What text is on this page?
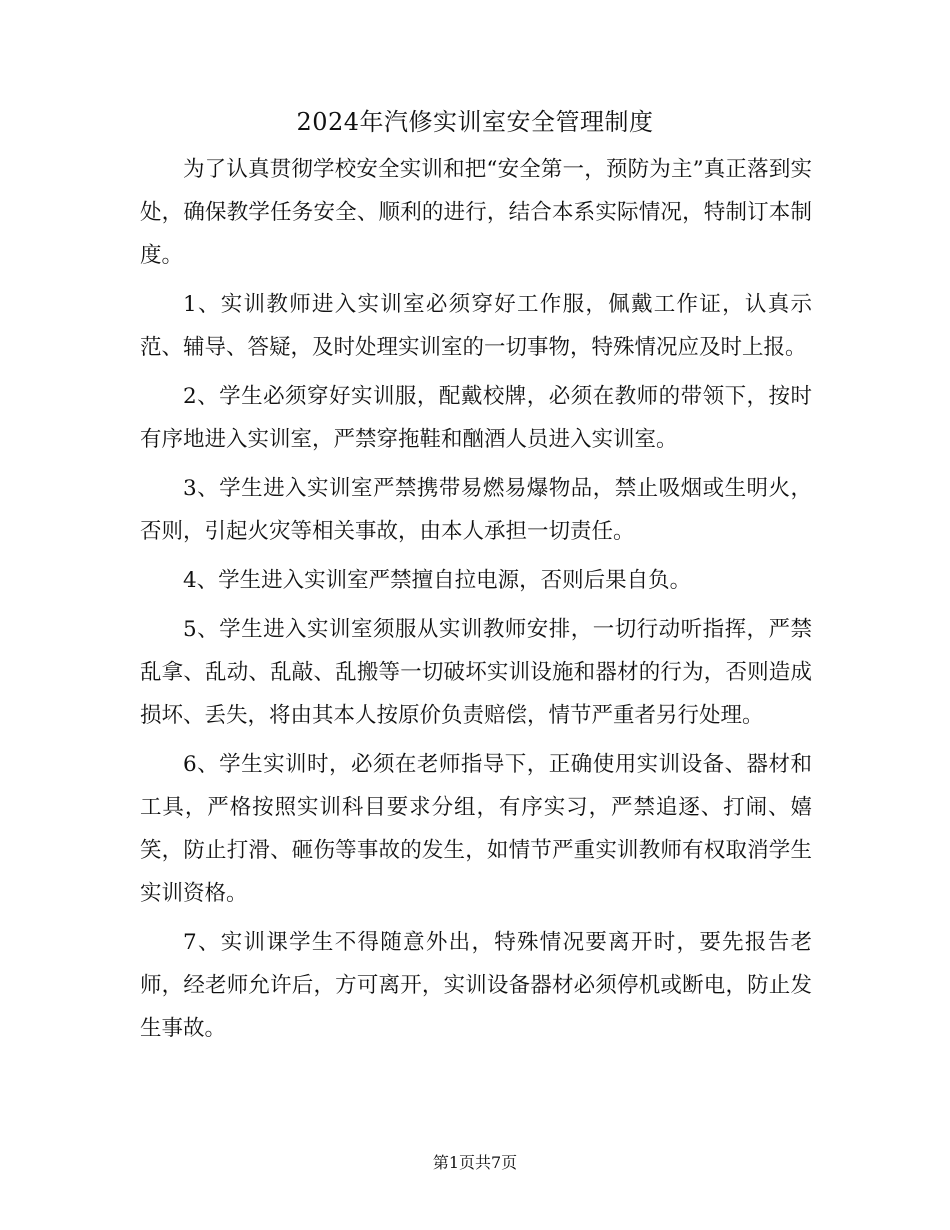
2024年汽修实训室安全管理制度

为了认真贯彻学校安全实训和把“安全第一，预防为主”真正落到实处，确保教学任务安全、顺利的进行，结合本系实际情况，特制订本制度。

1、实训教师进入实训室必须穿好工作服，佩戴工作证，认真示范、辅导、答疑，及时处理实训室的一切事物，特殊情况应及时上报。

2、学生必须穿好实训服，配戴校牌，必须在教师的带领下，按时有序地进入实训室，严禁穿拖鞋和酗酒人员进入实训室。

3、学生进入实训室严禁携带易燃易爆物品，禁止吸烟或生明火，否则，引起火灾等相关事故，由本人承担一切责任。

4、学生进入实训室严禁擅自拉电源，否则后果自负。

5、学生进入实训室须服从实训教师安排，一切行动听指挥，严禁乱拿、乱动、乱敲、乱搬等一切破坏实训设施和器材的行为，否则造成损坏、丢失，将由其本人按原价负责赔偿，情节严重者另行处理。

6、学生实训时，必须在老师指导下，正确使用实训设备、器材和工具，严格按照实训科目要求分组，有序实习，严禁追逐、打闹、嬉笑，防止打滑、砸伤等事故的发生，如情节严重实训教师有权取消学生实训资格。

7、实训课学生不得随意外出，特殊情况要离开时，要先报告老师，经老师允许后，方可离开，实训设备器材必须停机或断电，防止发生事故。

第1页共7页
